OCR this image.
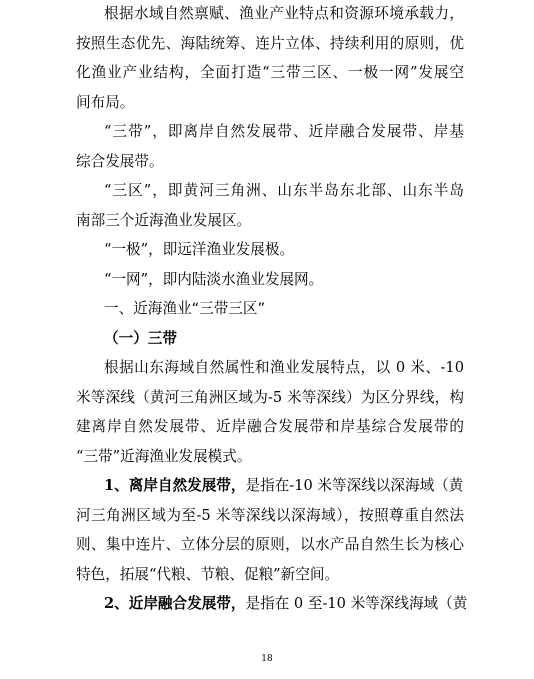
根据水域自然禀赋、渔业产业特点和资源环境承载力，
按照生态优先、海陆统筹、连片立体、持续利用的原则，优
化渔业产业结构，全面打造“三带三区、一极一网”发展空
间布局。
“三带”，即离岸自然发展带、近岸融合发展带、岸基
综合发展带。
“三区”，即黄河三角洲、山东半岛东北部、山东半岛
南部三个近海渔业发展区。
“一极”，即远洋渔业发展极。
“一网”，即内陆淡水渔业发展网。
一、近海渔业“三带三区”
（一）三带
根据山东海域自然属性和渔业发展特点，以 0 米、-10
米等深线（黄河三角洲区域为-5 米等深线）为区分界线，构
建离岸自然发展带、近岸融合发展带和岸基综合发展带的
“三带”近海渔业发展模式。
1、离岸自然发展带，是指在-10 米等深线以深海域（黄
河三角洲区域为至-5 米等深线以深海域），按照尊重自然法
则、集中连片、立体分层的原则，以水产品自然生长为核心
特色，拓展“代粮、节粮、促粮”新空间。
2、近岸融合发展带，是指在 0 至-10 米等深线海域（黄
18
